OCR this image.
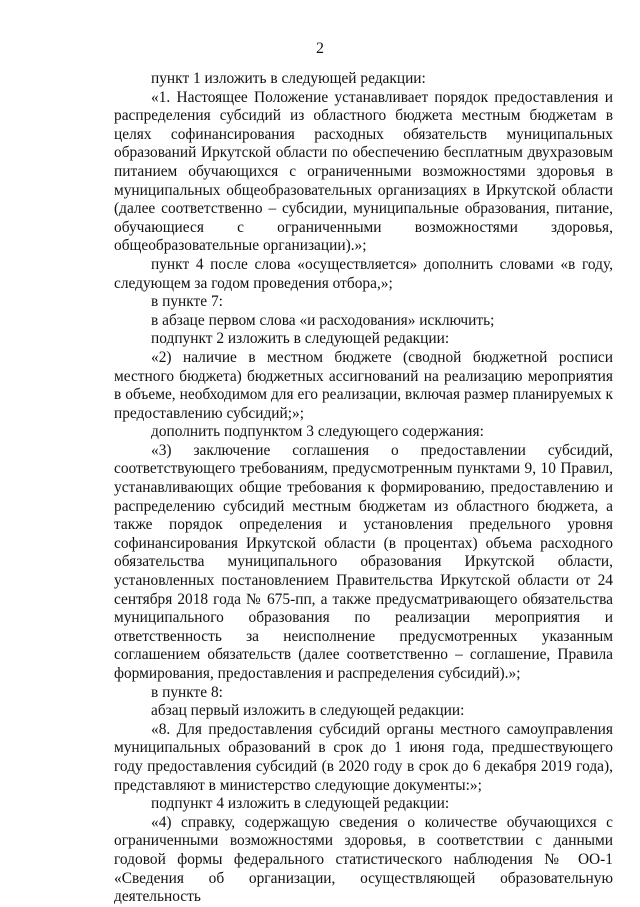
2

пункт 1 изложить в следующей редакции:

«1. Настоящее Положение устанавливает порядок предоставления и распределения субсидий из областного бюджета местным бюджетам в целях софинансирования расходных обязательств муниципальных образований Иркутской области по обеспечению бесплатным двухразовым питанием обучающихся с ограниченными возможностями здоровья в муниципальных общеобразовательных организациях в Иркутской области (далее соответственно – субсидии, муниципальные образования, питание, обучающиеся с ограниченными возможностями здоровья, общеобразовательные организации).»;

пункт 4 после слова «осуществляется» дополнить словами «в году, следующем за годом проведения отбора,»;

в пункте 7:

в абзаце первом слова «и расходования» исключить;

подпункт 2 изложить в следующей редакции:

«2) наличие в местном бюджете (сводной бюджетной росписи местного бюджета) бюджетных ассигнований на реализацию мероприятия в объеме, необходимом для его реализации, включая размер планируемых к предоставлению субсидий;»;

дополнить подпунктом 3 следующего содержания:

«3) заключение соглашения о предоставлении субсидий, соответствующего требованиям, предусмотренным пунктами 9, 10 Правил, устанавливающих общие требования к формированию, предоставлению и распределению субсидий местным бюджетам из областного бюджета, а также порядок определения и установления предельного уровня софинансирования Иркутской области (в процентах) объема расходного обязательства муниципального образования Иркутской области, установленных постановлением Правительства Иркутской области от 24 сентября 2018 года № 675-пп, а также предусматривающего обязательства муниципального образования по реализации мероприятия и ответственность за неисполнение предусмотренных указанным соглашением обязательств (далее соответственно – соглашение, Правила формирования, предоставления и распределения субсидий).»;

в пункте 8:

абзац первый изложить в следующей редакции:

«8. Для предоставления субсидий органы местного самоуправления муниципальных образований в срок до 1 июня года, предшествующего году предоставления субсидий (в 2020 году в срок до 6 декабря 2019 года), представляют в министерство следующие документы:»;

подпункт 4 изложить в следующей редакции:

«4) справку, содержащую сведения о количестве обучающихся с ограниченными возможностями здоровья, в соответствии с данными годовой формы федерального статистического наблюдения № ОО-1 «Сведения об организации, осуществляющей образовательную деятельность
